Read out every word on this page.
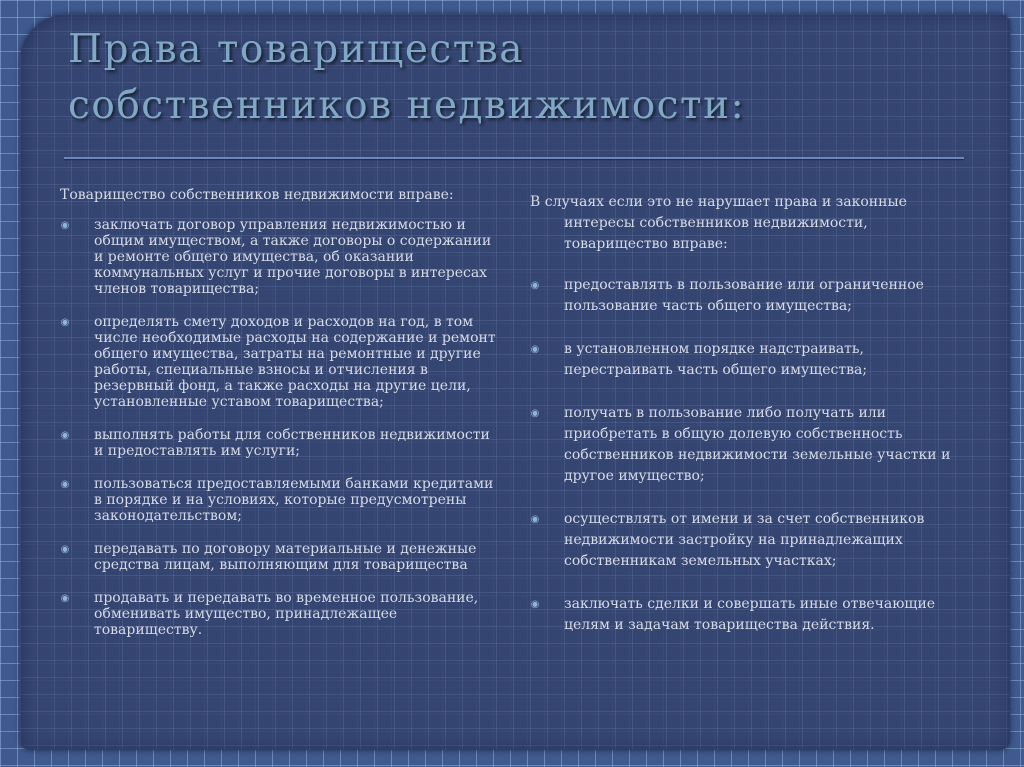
Права товарищества
собственников недвижимости:

Товарищество собственников недвижимости вправе:

◉ заключать договор управления недвижимостью и общим имуществом, а также договоры о содержании и ремонте общего имущества, об оказании коммунальных услуг и прочие договоры в интересах членов товарищества;
◉ определять смету доходов и расходов на год, в том числе необходимые расходы на содержание и ремонт общего имущества, затраты на ремонтные и другие работы, специальные взносы и отчисления в резервный фонд, а также расходы на другие цели, установленные уставом товарищества;
◉ выполнять работы для собственников недвижимости и предоставлять им услуги;
◉ пользоваться предоставляемыми банками кредитами в порядке и на условиях, которые предусмотрены законодательством;
◉ передавать по договору материальные и денежные средства лицам, выполняющим для товарищества
◉ продавать и передавать во временное пользование, обменивать имущество, принадлежащее товариществу.

В случаях если это не нарушает права и законные интересы собственников недвижимости, товарищество вправе:

◉ предоставлять в пользование или ограниченное пользование часть общего имущества;
◉ в установленном порядке надстраивать, перестраивать часть общего имущества;
◉ получать в пользование либо получать или приобретать в общую долевую собственность собственников недвижимости земельные участки и другое имущество;
◉ осуществлять от имени и за счет собственников недвижимости застройку на принадлежащих собственникам земельных участках;
◉ заключать сделки и совершать иные отвечающие целям и задачам товарищества действия.
